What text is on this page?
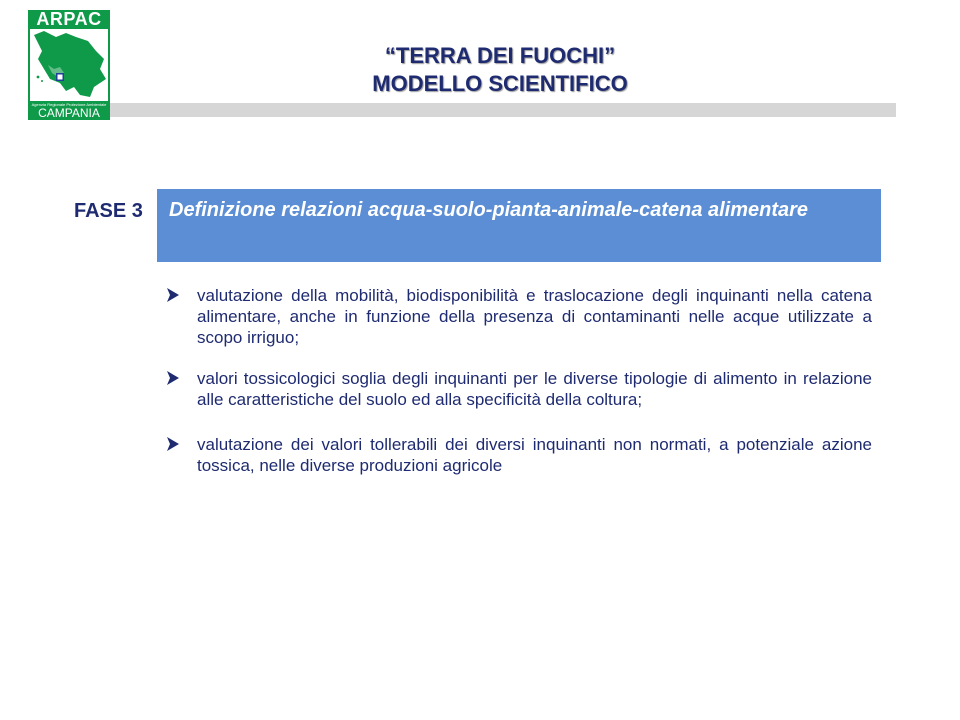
ARPAC
Agenzia Regionale Protezione Ambientale
CAMPANIA
“TERRA DEI FUOCHI”
MODELLO SCIENTIFICO
FASE 3 Definizione relazioni acqua-suolo-pianta-animale-catena alimentare
valutazione della mobilità, biodisponibilità e traslocazione degli inquinanti nella catena alimentare, anche in funzione della presenza di contaminanti nelle acque utilizzate a scopo irriguo;
valori tossicologici soglia degli inquinanti per le diverse tipologie di alimento in relazione alle caratteristiche del suolo ed alla specificità della coltura;
valutazione dei valori tollerabili dei diversi inquinanti non normati, a potenziale azione tossica, nelle diverse produzioni agricole
